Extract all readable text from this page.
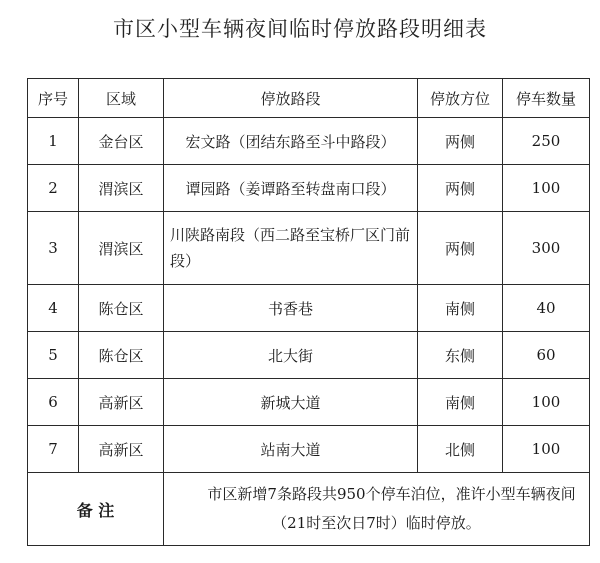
市区小型车辆夜间临时停放路段明细表
序号	区域	停放路段	停放方位	停车数量
1	金台区	宏文路（团结东路至斗中路段）	两侧	250
2	渭滨区	谭园路（姜谭路至转盘南口段）	两侧	100
3	渭滨区	川陕路南段（西二路至宝桥厂区门前段）	两侧	300
4	陈仓区	书香巷	南侧	40
5	陈仓区	北大街	东侧	60
6	高新区	新城大道	南侧	100
7	高新区	站南大道	北侧	100
备 注		市区新增7条路段共950个停车泊位，准许小型车辆夜间（21时至次日7时）临时停放。		
